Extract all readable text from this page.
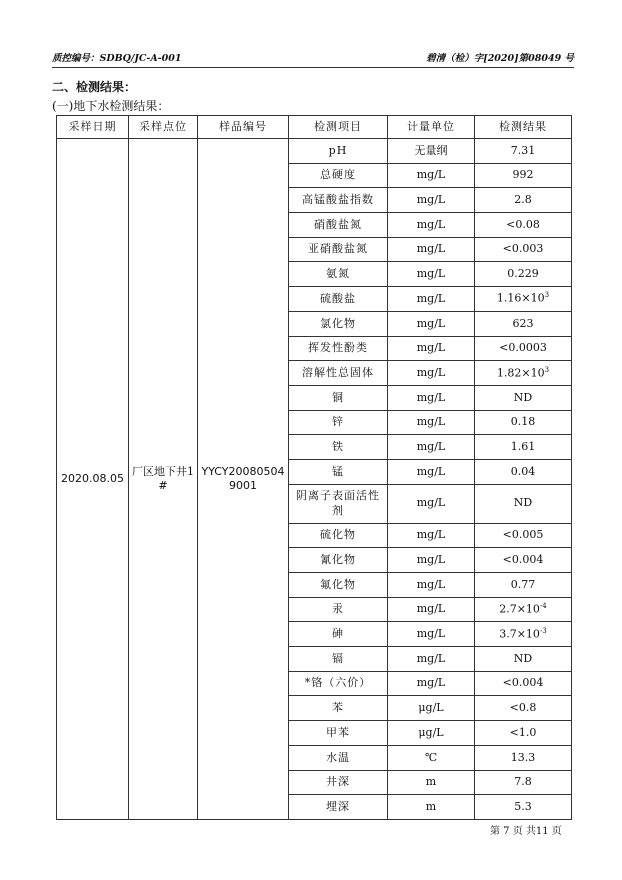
质控编号：SDBQ/JC-A-001	碧清（检）字[2020]第08049 号
二、检测结果：
(一)地下水检测结果：
采样日期	采样点位	样品编号	检测项目	计量单位	检测结果
2020.08.05	厂区地下井1#	YYCY200805049001	pH	无量纲	7.31
			总硬度	mg/L	992
			高锰酸盐指数	mg/L	2.8
			硝酸盐氮	mg/L	<0.08
			亚硝酸盐氮	mg/L	<0.003
			氨氮	mg/L	0.229
			硫酸盐	mg/L	$1.16\times 10^3$
			氯化物	mg/L	623
			挥发性酚类	mg/L	<0.0003
			溶解性总固体	mg/L	$1.82\times 10^3$
			铜	mg/L	ND
			锌	mg/L	0.18
			铁	mg/L	1.61
			锰	mg/L	0.04
			阴离子表面活性剂	mg/L	ND
			硫化物	mg/L	<0.005
			氰化物	mg/L	<0.004
			氟化物	mg/L	0.77
			汞	mg/L	$2.7\times 10^{-4}$
			砷	mg/L	$3.7\times 10^{-3}$
			镉	mg/L	ND
			*铬（六价）	mg/L	<0.004
			苯	μg/L	<0.8
			甲苯	μg/L	<1.0
			水温	℃	13.3
			井深	m	7.8
			埋深	m	5.3
第 7 页 共11 页
